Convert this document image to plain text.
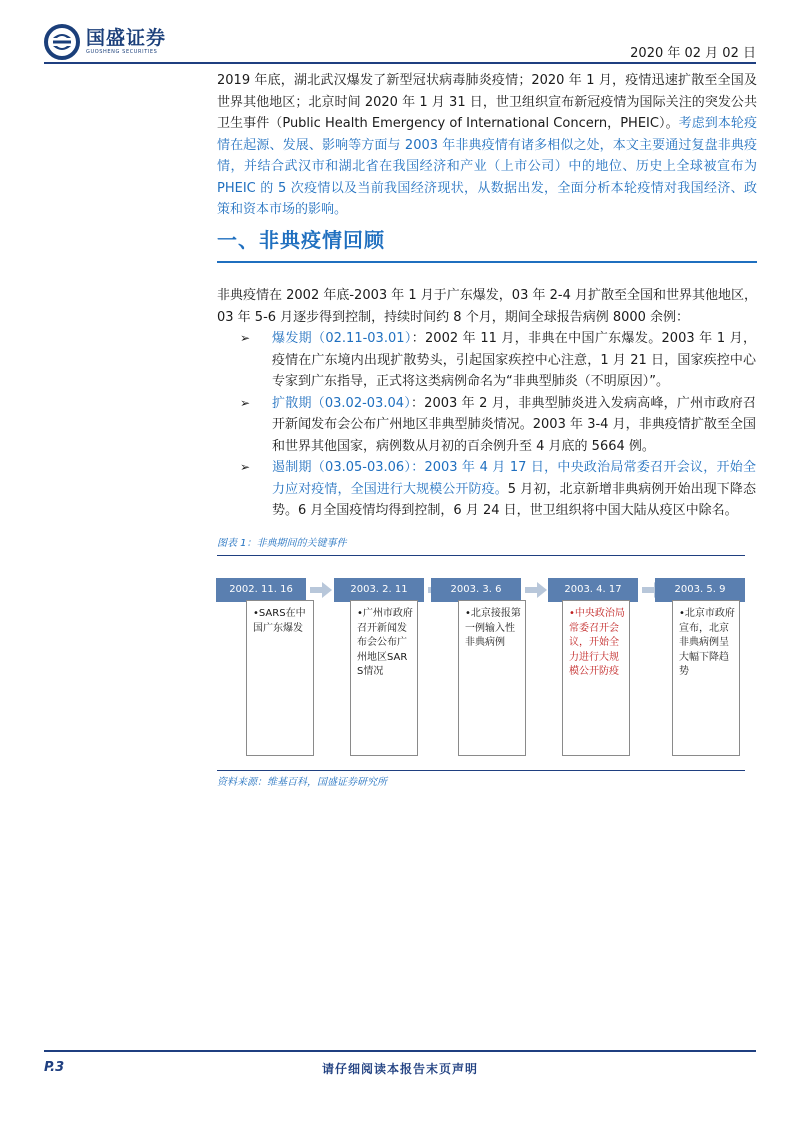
国盛证券
GUOSHENG SECURITIES	2020 年 02 月 02 日
2019 年底，湖北武汉爆发了新型冠状病毒肺炎疫情；2020 年 1 月，疫情迅速扩散至全国及世界其他地区；北京时间 2020 年 1 月 31 日，世卫组织宣布新冠疫情为国际关注的突发公共卫生事件（Public Health Emergency of International Concern，PHEIC）。考虑到本轮疫情在起源、发展、影响等方面与 2003 年非典疫情有诸多相似之处，本文主要通过复盘非典疫情，并结合武汉市和湖北省在我国经济和产业（上市公司）中的地位、历史上全球被宣布为 PHEIC 的 5 次疫情以及当前我国经济现状，从数据出发，全面分析本轮疫情对我国经济、政策和资本市场的影响。
一、非典疫情回顾
非典疫情在 2002 年底-2003 年 1 月于广东爆发，03 年 2-4 月扩散至全国和世界其他地区，03 年 5-6 月逐步得到控制，持续时间约 8 个月，期间全球报告病例 8000 余例：
➢ 爆发期（02.11-03.01）：2002 年 11 月，非典在中国广东爆发。2003 年 1 月，疫情在广东境内出现扩散势头，引起国家疾控中心注意，1 月 21 日，国家疾控中心专家到广东指导，正式将这类病例命名为“非典型肺炎（不明原因）”。
➢ 扩散期（03.02-03.04）：2003 年 2 月，非典型肺炎进入发病高峰，广州市政府召开新闻发布会公布广州地区非典型肺炎情况。2003 年 3-4 月，非典疫情扩散至全国和世界其他国家，病例数从月初的百余例升至 4 月底的 5664 例。
➢ 遏制期（03.05-03.06）：2003 年 4 月 17 日，中央政治局常委召开会议，开始全力应对疫情，全国进行大规模公开防疫。5 月初，北京新增非典病例开始出现下降态势。6 月全国疫情均得到控制，6 月 24 日，世卫组织将中国大陆从疫区中除名。
图表 1：非典期间的关键事件
2002. 11. 16	2003. 2. 11	2003. 3. 6	2003. 4. 17	2003. 5. 9
•SARS在中国广东爆发
•广州市政府召开新闻发布会公布广州地区SARS情况
•北京接报第一例输入性非典病例
•中央政治局常委召开会议，开始全力进行大规模公开防疫
•北京市政府宣布，北京非典病例呈大幅下降趋势
资料来源：维基百科，国盛证券研究所
P.3	请仔细阅读本报告末页声明
